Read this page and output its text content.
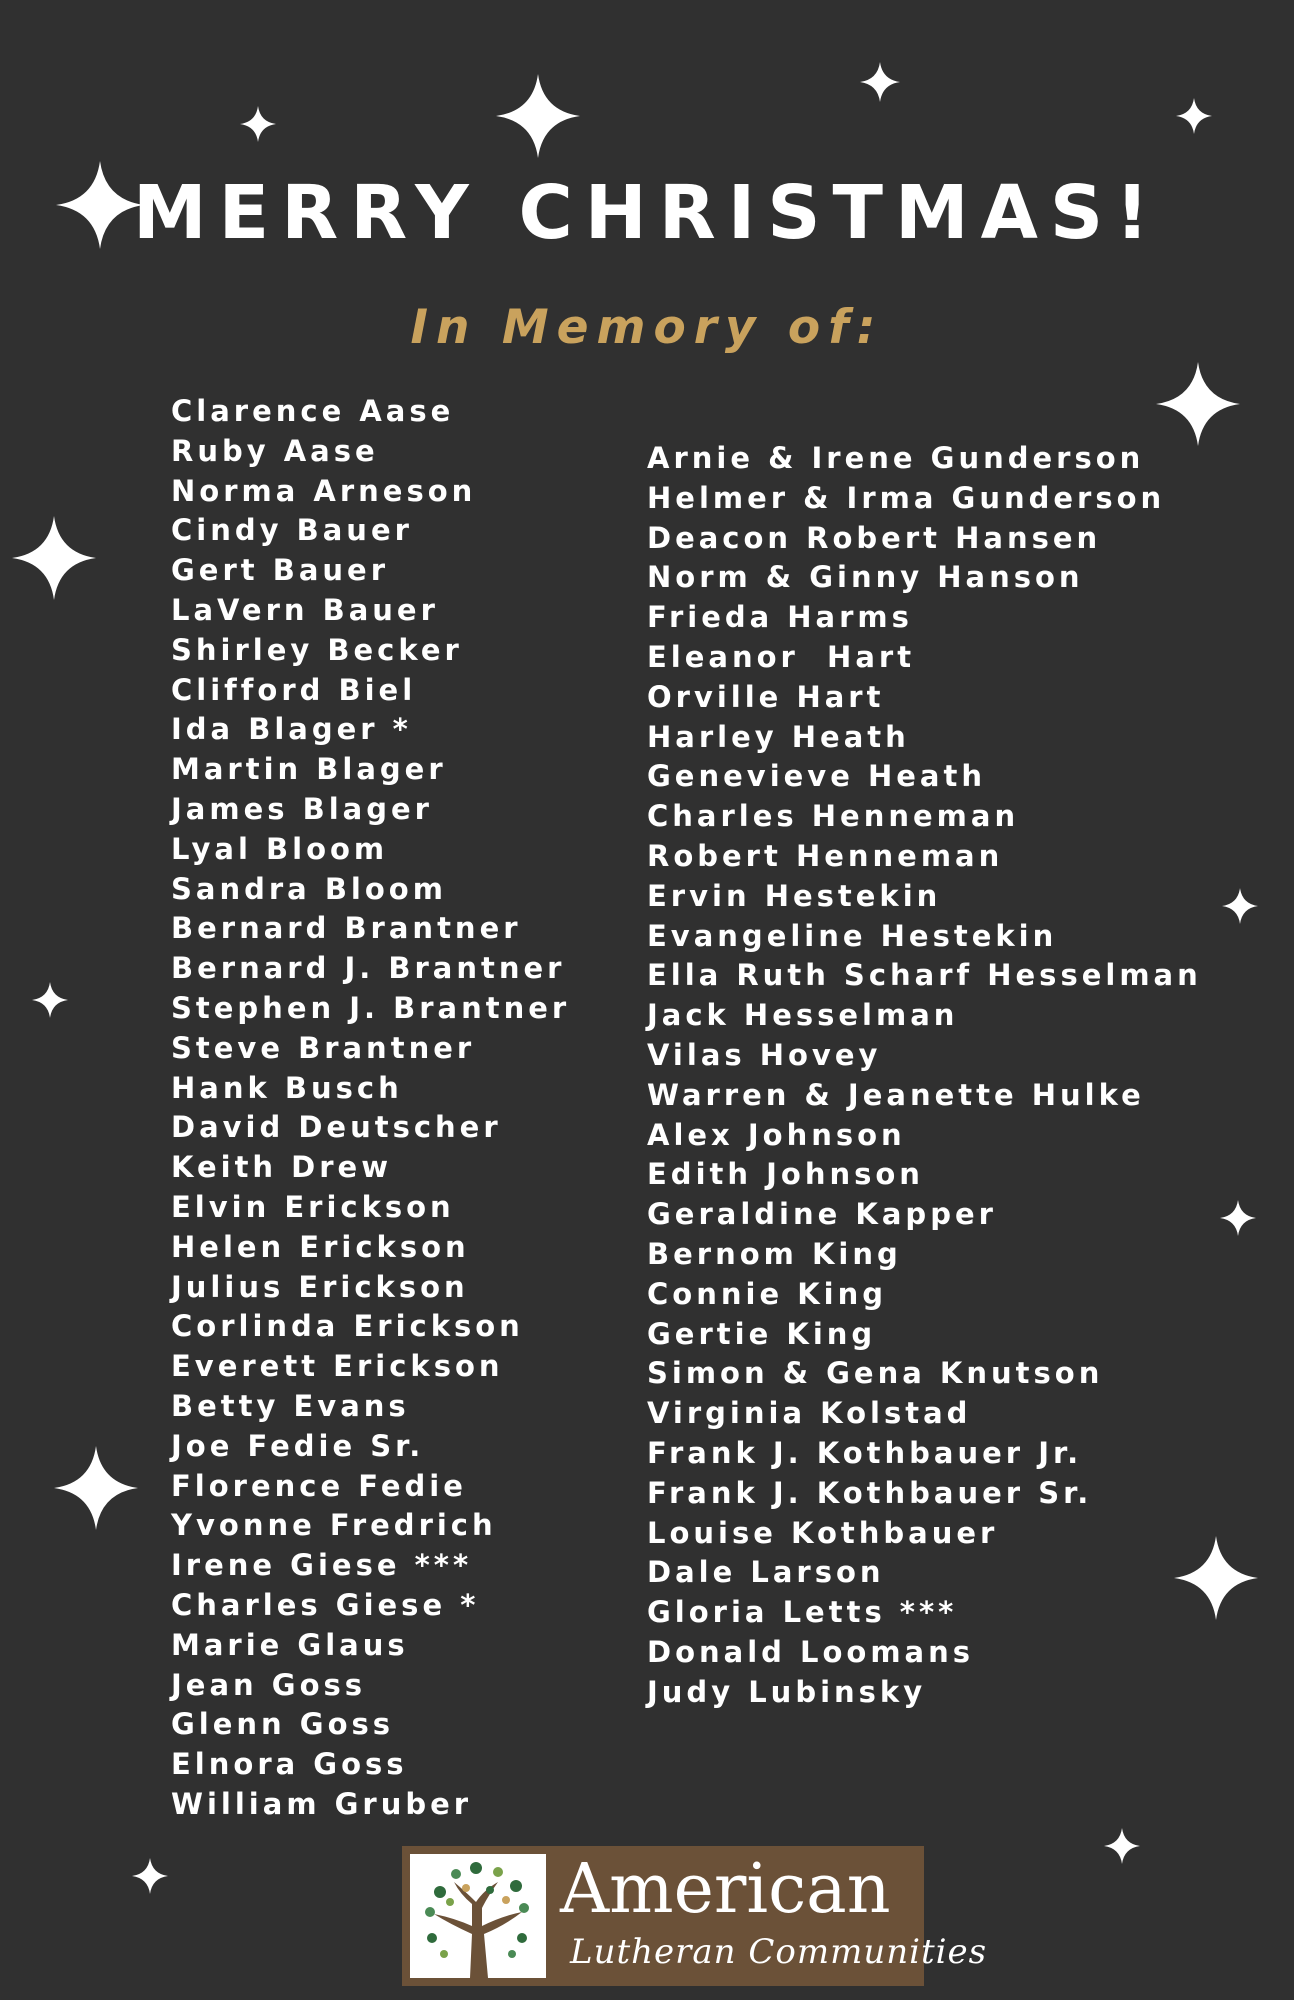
MERRY CHRISTMAS!
In Memory of:
Clarence Aase
Ruby Aase
Norma Arneson
Cindy Bauer
Gert Bauer
LaVern Bauer
Shirley Becker
Clifford Biel
Ida Blager *
Martin Blager
James Blager
Lyal Bloom
Sandra Bloom
Bernard Brantner
Bernard J. Brantner
Stephen J. Brantner
Steve Brantner
Hank Busch
David Deutscher
Keith Drew
Elvin Erickson
Helen Erickson
Julius Erickson
Corlinda Erickson
Everett Erickson
Betty Evans
Joe Fedie Sr.
Florence Fedie
Yvonne Fredrich
Irene Giese ***
Charles Giese *
Marie Glaus
Jean Goss
Glenn Goss
Elnora Goss
William Gruber
Arnie & Irene Gunderson
Helmer & Irma Gunderson
Deacon Robert Hansen
Norm & Ginny Hanson
Frieda Harms
Eleanor  Hart
Orville Hart
Harley Heath
Genevieve Heath
Charles Henneman
Robert Henneman
Ervin Hestekin
Evangeline Hestekin
Ella Ruth Scharf Hesselman
Jack Hesselman
Vilas Hovey
Warren & Jeanette Hulke
Alex Johnson
Edith Johnson
Geraldine Kapper
Bernom King
Connie King
Gertie King
Simon & Gena Knutson
Virginia Kolstad
Frank J. Kothbauer Jr.
Frank J. Kothbauer Sr.
Louise Kothbauer
Dale Larson
Gloria Letts ***
Donald Loomans
Judy Lubinsky
American
Lutheran Communities
